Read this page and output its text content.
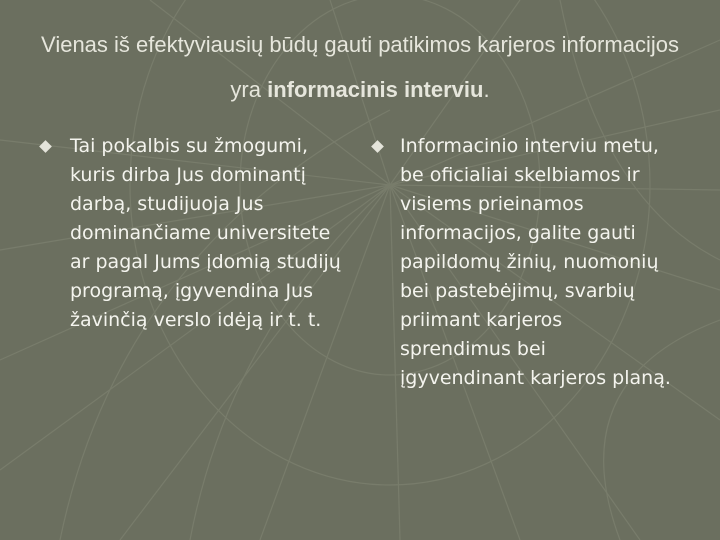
Vienas iš efektyviausių būdų gauti patikimos karjeros informacijos yra informacinis interviu.
Tai pokalbis su žmogumi, kuris dirba Jus dominantį darbą, studijuoja Jus dominančiame universitete ar pagal Jums įdomią studijų programą, įgyvendina Jus žavinčią verslo idėją ir t. t.
Informacinio interviu metu, be oficialiai skelbiamos ir visiems prieinamos informacijos, galite gauti papildomų žinių, nuomonių bei pastebėjimų, svarbių priimant karjeros sprendimus bei įgyvendinant karjeros planą.
